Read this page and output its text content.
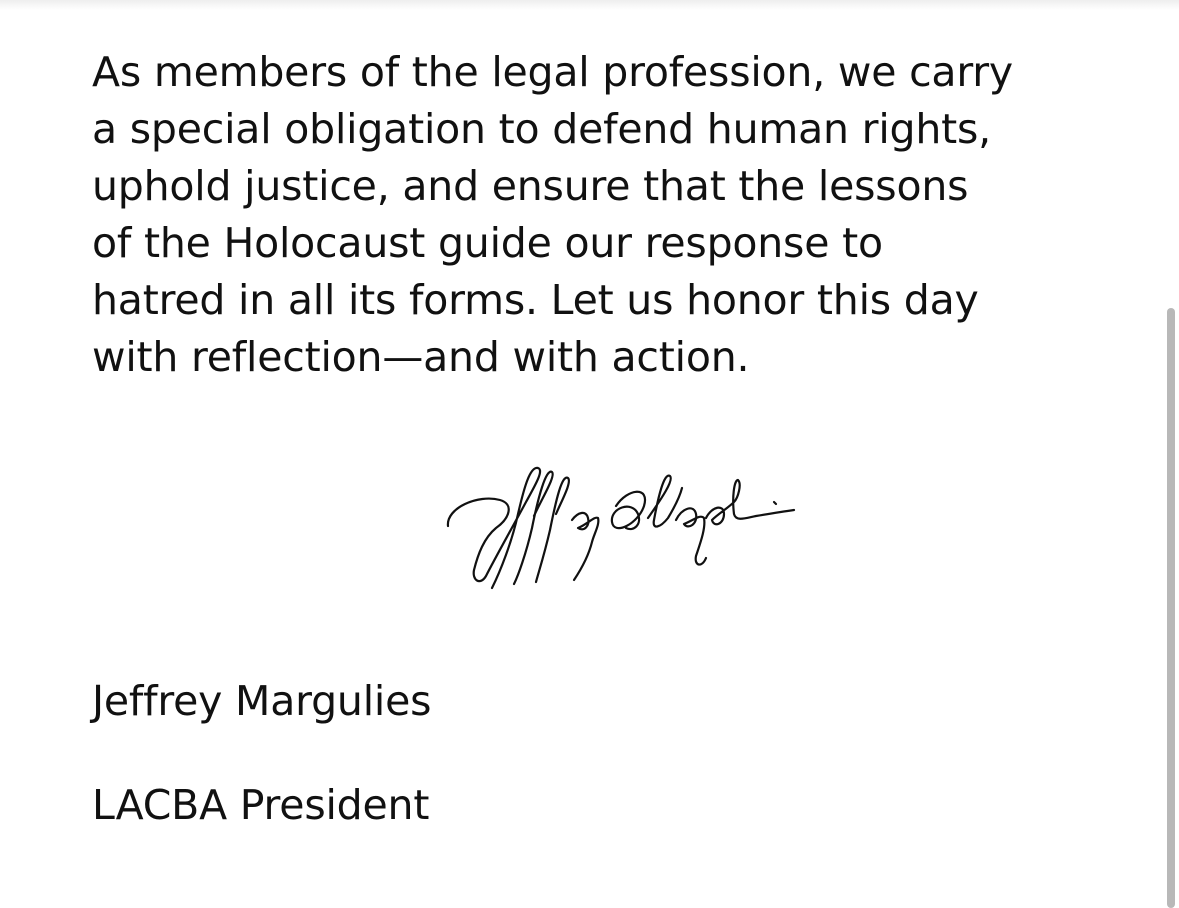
As members of the legal profession, we carry
a special obligation to defend human rights,
uphold justice, and ensure that the lessons
of the Holocaust guide our response to
hatred in all its forms. Let us honor this day
with reflection—and with action.
Jeffrey Margulies
LACBA President
